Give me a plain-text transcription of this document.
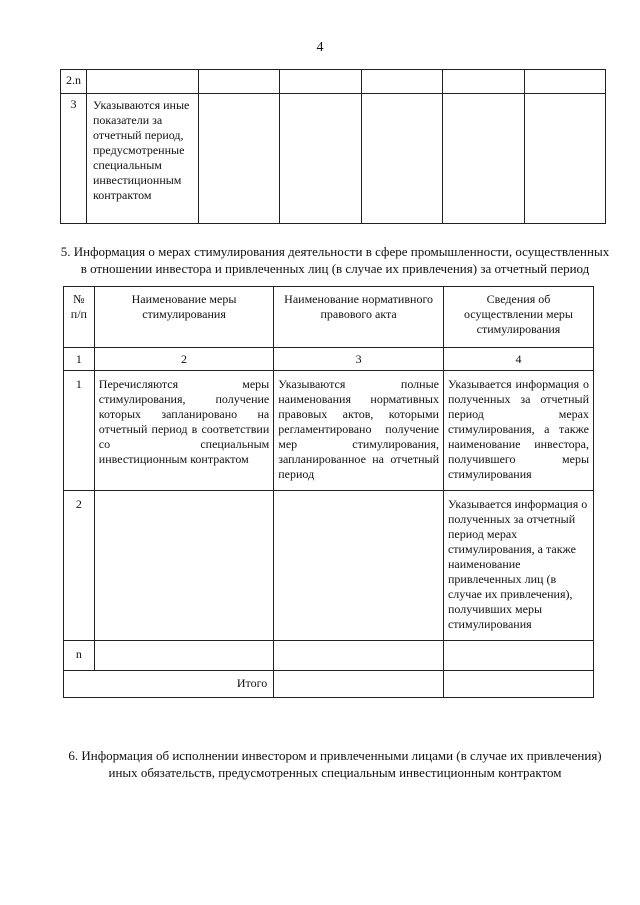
4
2.n						
3	Указываются иные показатели за отчетный период, предусмотренные специальным инвестиционным контрактом					
5. Информация о мерах стимулирования деятельности в сфере промышленности, осуществленных
в отношении инвестора и привлеченных лиц (в случае их привлечения) за отчетный период
№ п/п	Наименование меры стимулирования	Наименование нормативного правового акта	Сведения об осуществлении меры стимулирования
1	2	3	4
1	Перечисляются меры стимулирования, получение которых запланировано на отчетный период в соответствии со специальным инвестиционным контрактом	Указываются полные наименования нормативных правовых актов, которыми регламентировано получение мер стимулирования, запланированное на отчетный период	Указывается информация о полученных за отчетный период мерах стимулирования, а также наименование инвестора, получившего меры стимулирования
2			Указывается информация о полученных за отчетный период мерах стимулирования, а также наименование привлеченных лиц (в случае их привлечения), получивших меры стимулирования
n			
Итого			
6. Информация об исполнении инвестором и привлеченными лицами (в случае их привлечения)
иных обязательств, предусмотренных специальным инвестиционным контрактом
